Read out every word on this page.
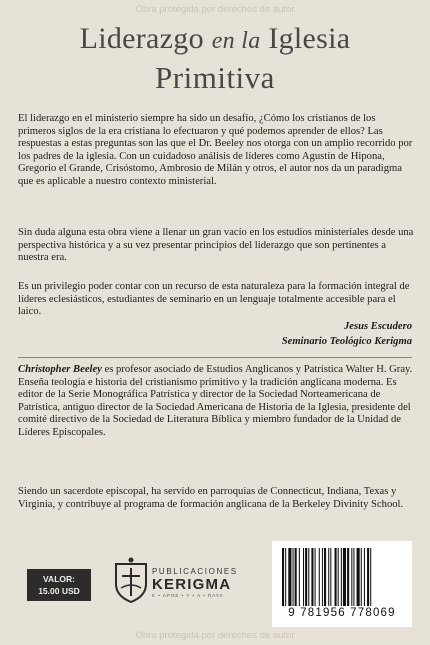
Obra protegida por derechos de autor
Liderazgo en la Iglesia
Primitiva
El liderazgo en el ministerio siempre ha sido un desafío, ¿Cómo los cristianos de los primeros siglos de la era cristiana lo efectuaron y qué podemos aprender de ellos? Las respuestas a estas preguntas son las que el Dr. Beeley nos otorga con un amplio recorrido por los padres de la iglesia. Con un cuidadoso análisis de líderes como Agustín de Hipona, Gregorio el Grande, Crisóstomo, Ambrosio de Milán y otros, el autor nos da un paradigma que es aplicable a nuestro contexto ministerial.
Sin duda alguna esta obra viene a llenar un gran vacío en los estudios ministeriales desde una perspectiva histórica y a su vez presentar principios del liderazgo que son pertinentes a nuestra era.
Es un privilegio poder contar con un recurso de esta naturaleza para la formación integral de líderes eclesiásticos, estudiantes de seminario en un lenguaje totalmente accesible para el laico.
Jesus Escudero
Seminario Teológico Kerigma
Christopher Beeley es profesor asociado de Estudios Anglicanos y Patrística Walter H. Gray. Enseña teología e historia del cristianismo primitivo y la tradición anglicana moderna. Es editor de la Serie Monográfica Patrística y director de la Sociedad Norteamericana de Patrística, antiguo director de la Sociedad Americana de Historia de la Iglesia, presidente del comité directivo de la Sociedad de Literatura Bíblica y miembro fundador de la Unidad de Líderes Episcopales.
Siendo un sacerdote episcopal, ha servido en parroquias de Connecticut, Indiana, Texas y Virginia, y contribuye al programa de formación anglicana de la Berkeley Divinity School.
VALOR:
15.00 USD
PUBLICACIONES
KERIGMA
K • APOE • Y • A • ΠΑΥΛ
9 781956 778069
Obra protegida por derechos de autor
